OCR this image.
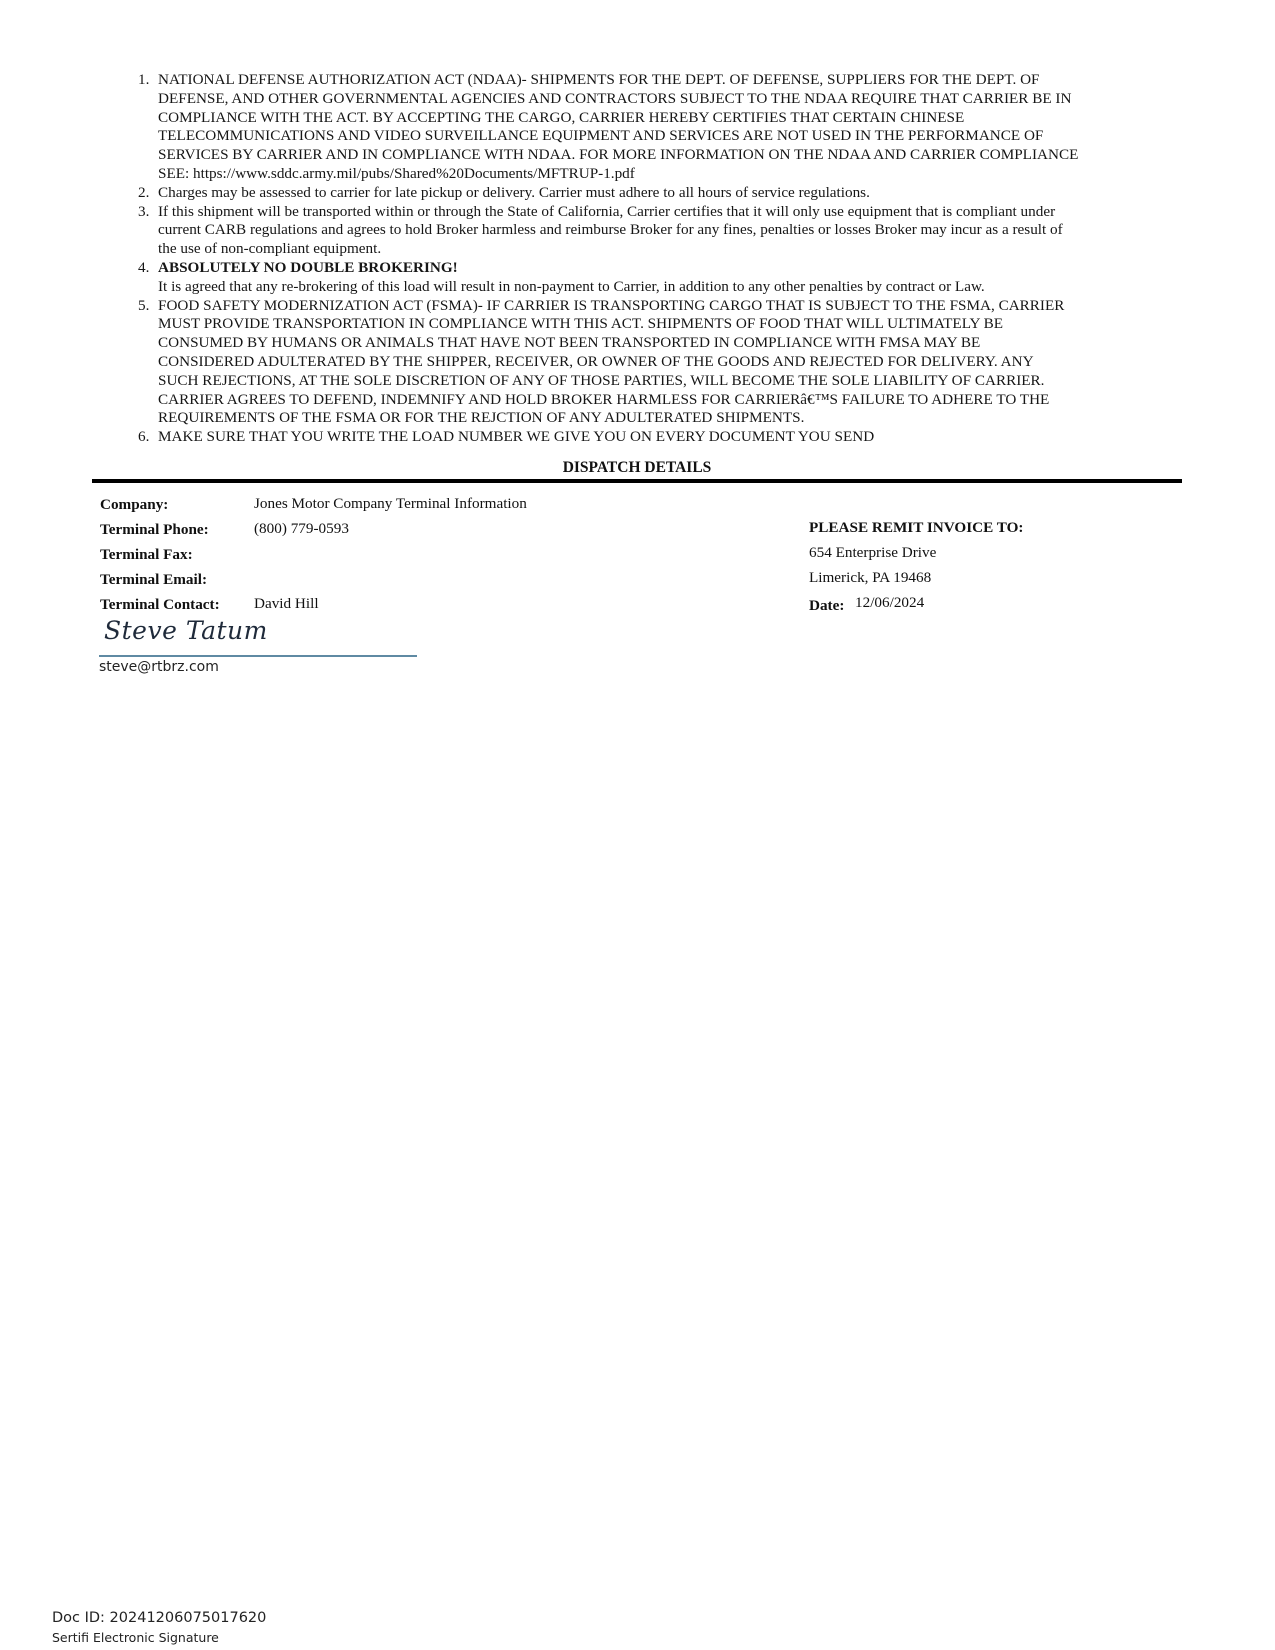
1. NATIONAL DEFENSE AUTHORIZATION ACT (NDAA)- SHIPMENTS FOR THE DEPT. OF DEFENSE, SUPPLIERS FOR THE DEPT. OF
DEFENSE, AND OTHER GOVERNMENTAL AGENCIES AND CONTRACTORS SUBJECT TO THE NDAA REQUIRE THAT CARRIER BE IN
COMPLIANCE WITH THE ACT. BY ACCEPTING THE CARGO, CARRIER HEREBY CERTIFIES THAT CERTAIN CHINESE
TELECOMMUNICATIONS AND VIDEO SURVEILLANCE EQUIPMENT AND SERVICES ARE NOT USED IN THE PERFORMANCE OF
SERVICES BY CARRIER AND IN COMPLIANCE WITH NDAA. FOR MORE INFORMATION ON THE NDAA AND CARRIER COMPLIANCE
SEE: https://www.sddc.army.mil/pubs/Shared%20Documents/MFTRUP-1.pdf
2. Charges may be assessed to carrier for late pickup or delivery. Carrier must adhere to all hours of service regulations.
3. If this shipment will be transported within or through the State of California, Carrier certifies that it will only use equipment that is compliant under
current CARB regulations and agrees to hold Broker harmless and reimburse Broker for any fines, penalties or losses Broker may incur as a result of
the use of non-compliant equipment.
4. ABSOLUTELY NO DOUBLE BROKERING!
It is agreed that any re-brokering of this load will result in non-payment to Carrier, in addition to any other penalties by contract or Law.
5. FOOD SAFETY MODERNIZATION ACT (FSMA)- IF CARRIER IS TRANSPORTING CARGO THAT IS SUBJECT TO THE FSMA, CARRIER
MUST PROVIDE TRANSPORTATION IN COMPLIANCE WITH THIS ACT. SHIPMENTS OF FOOD THAT WILL ULTIMATELY BE
CONSUMED BY HUMANS OR ANIMALS THAT HAVE NOT BEEN TRANSPORTED IN COMPLIANCE WITH FMSA MAY BE
CONSIDERED ADULTERATED BY THE SHIPPER, RECEIVER, OR OWNER OF THE GOODS AND REJECTED FOR DELIVERY. ANY
SUCH REJECTIONS, AT THE SOLE DISCRETION OF ANY OF THOSE PARTIES, WILL BECOME THE SOLE LIABILITY OF CARRIER.
CARRIER AGREES TO DEFEND, INDEMNIFY AND HOLD BROKER HARMLESS FOR CARRIERâ€™S FAILURE TO ADHERE TO THE
REQUIREMENTS OF THE FSMA OR FOR THE REJCTION OF ANY ADULTERATED SHIPMENTS.
6. MAKE SURE THAT YOU WRITE THE LOAD NUMBER WE GIVE YOU ON EVERY DOCUMENT YOU SEND
DISPATCH DETAILS
Company:	Jones Motor Company Terminal Information
Terminal Phone:	(800) 779-0593
Terminal Fax:
Terminal Email:
Terminal Contact: David Hill
PLEASE REMIT INVOICE TO:
654 Enterprise Drive
Limerick, PA 19468
Date: 12/06/2024
Steve Tatum
steve@rtbrz.com
Doc ID: 20241206075017620
Sertifi Electronic Signature
